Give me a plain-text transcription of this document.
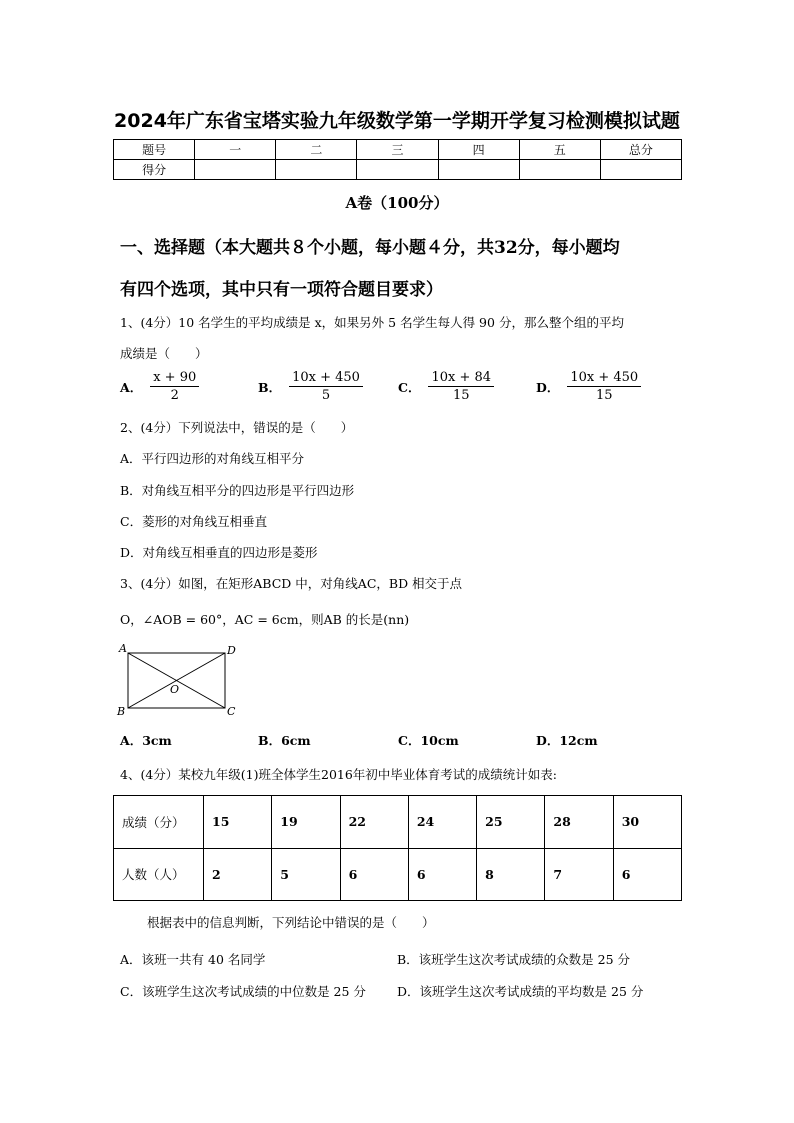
2024年广东省宝塔实验九年级数学第一学期开学复习检测模拟试题
题号	一	二	三	四	五	总分
得分						
A卷（100分）
一、选择题（本大题共８个小题，每小题４分，共32分，每小题均
有四个选项，其中只有一项符合题目要求）
1、(4分）10 名学生的平均成绩是 x，如果另外 5 名学生每人得 90 分，那么整个组的平均
成绩是（　　）
A． $\frac{x + 90}{2}$	B． $\frac{10x + 450}{5}$	C． $\frac{10x + 84}{15}$	D． $\frac{10x + 450}{15}$
2、(4分）下列说法中，错误的是（　　）
A．平行四边形的对角线互相平分
B．对角线互相平分的四边形是平行四边形
C．菱形的对角线互相垂直
D．对角线互相垂直的四边形是菱形
3、(4分）如图，在矩形ABCD 中，对角线AC，BD 相交于点
O，∠AOB = 60°，AC = 6cm，则AB 的长是(nn)
A	D
B	C
O
A．3cm	B．6cm	C．10cm	D．12cm
4、(4分）某校九年级(1)班全体学生2016年初中毕业体育考试的成绩统计如表:
成绩（分）	15	19	22	24	25	28	30
人数（人）	2	5	6	6	8	7	6
根据表中的信息判断，下列结论中错误的是（　　）
A．该班一共有 40 名同学	B．该班学生这次考试成绩的众数是 25 分
C．该班学生这次考试成绩的中位数是 25 分 D．该班学生这次考试成绩的平均数是 25 分
